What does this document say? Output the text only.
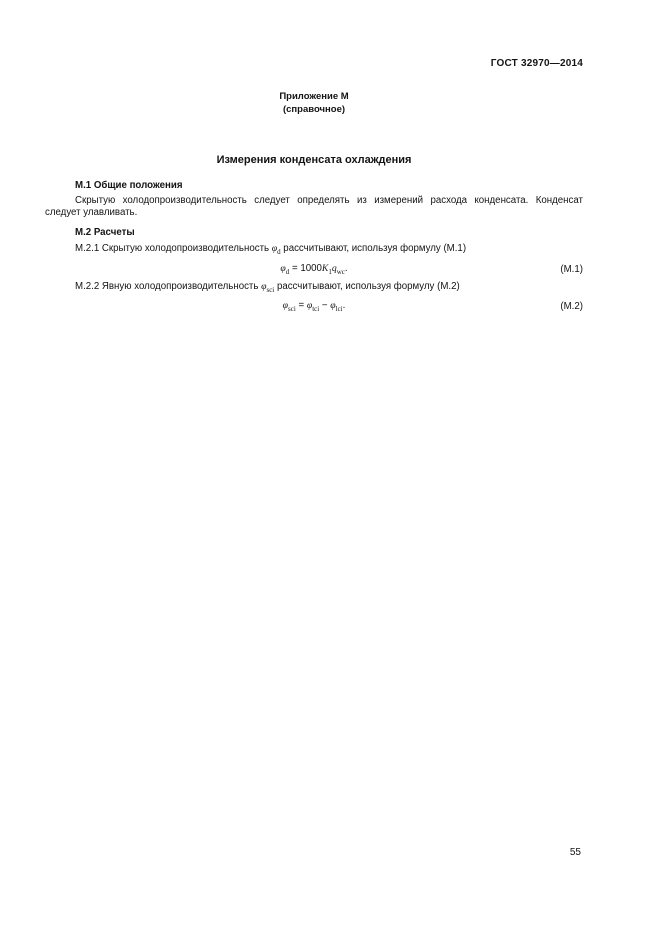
ГОСТ 32970—2014
Приложение М
(справочное)
Измерения конденсата охлаждения
М.1 Общие положения

Скрытую холодопроизводительность следует определять из измерений расхода конденсата. Конденсат следует улавливать.

М.2 Расчеты

М.2.1 Скрытую холодопроизводительность $\varphi_d$ рассчитывают, используя формулу (М.1)

$\varphi_d = 1000K_1q_{wc}$.	(М.1)

М.2.2 Явную холодопроизводительность $\varphi_{sci}$ рассчитывают, используя формулу (М.2)

$\varphi_{sci} = \varphi_{tci} - \varphi_{lci}$.	(М.2)
55
